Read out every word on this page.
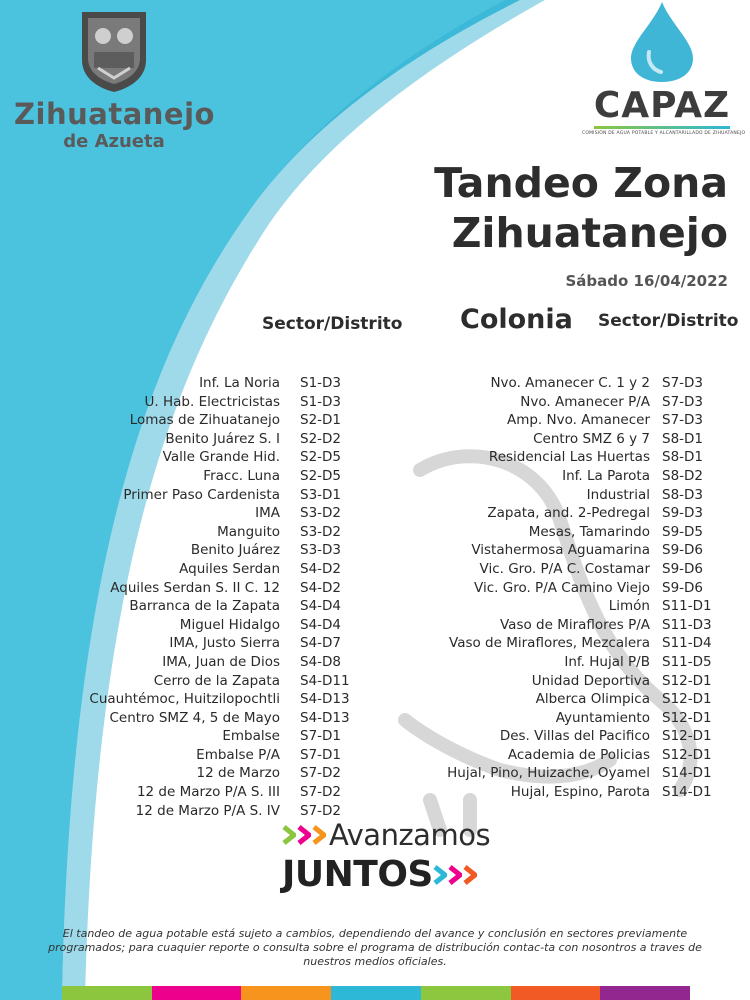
Zihuatanejo
de Azueta
CAPAZ
COMISIÓN DE AGUA POTABLE Y ALCANTARILLADO DE ZIHUATANEJO
Tandeo Zona
Zihuatanejo
Sábado 16/04/2022
Sector/Distrito Colonia Sector/Distrito
Inf. La Noria S1-D3
U. Hab. Electricistas S1-D3
Lomas de Zihuatanejo S2-D1
Benito Juárez S. I S2-D2
Valle Grande Hid. S2-D5
Fracc. Luna S2-D5
Primer Paso Cardenista S3-D1
IMA S3-D2
Manguito S3-D2
Benito Juárez S3-D3
Aquiles Serdan S4-D2
Aquiles Serdan S. II C. 12 S4-D2
Barranca de la Zapata S4-D4
Miguel Hidalgo S4-D4
IMA, Justo Sierra S4-D7
IMA, Juan de Dios S4-D8
Cerro de la Zapata S4-D11
Cuauhtémoc, Huitzilopochtli S4-D13
Centro SMZ 4, 5 de Mayo S4-D13
Embalse S7-D1
Embalse P/A S7-D1
12 de Marzo S7-D2
12 de Marzo P/A S. III S7-D2
12 de Marzo P/A S. IV S7-D2
Nvo. Amanecer C. 1 y 2 S7-D3
Nvo. Amanecer P/A S7-D3
Amp. Nvo. Amanecer S7-D3
Centro SMZ 6 y 7 S8-D1
Residencial Las Huertas S8-D1
Inf. La Parota S8-D2
Industrial S8-D3
Zapata, and. 2-Pedregal S9-D3
Mesas, Tamarindo S9-D5
Vistahermosa Aguamarina S9-D6
Vic. Gro. P/A C. Costamar S9-D6
Vic. Gro. P/A Camino Viejo S9-D6
Limón S11-D1
Vaso de Miraflores P/A S11-D3
Vaso de Miraflores, Mezcalera S11-D4
Inf. Hujal P/B S11-D5
Unidad Deportiva S12-D1
Alberca Olimpica S12-D1
Ayuntamiento S12-D1
Des. Villas del Pacifico S12-D1
Academia de Policias S12-D1
Hujal, Pino, Huizache, Oyamel S14-D1
Hujal, Espino, Parota S14-D1
Avanzamos
JUNTOS
El tandeo de agua potable está sujeto a cambios, dependiendo del avance y conclusión en sectores previamente programados; para cuaquier reporte o consulta sobre el programa de distribución contac-ta con nosontros a traves de nuestros medios oficiales.
